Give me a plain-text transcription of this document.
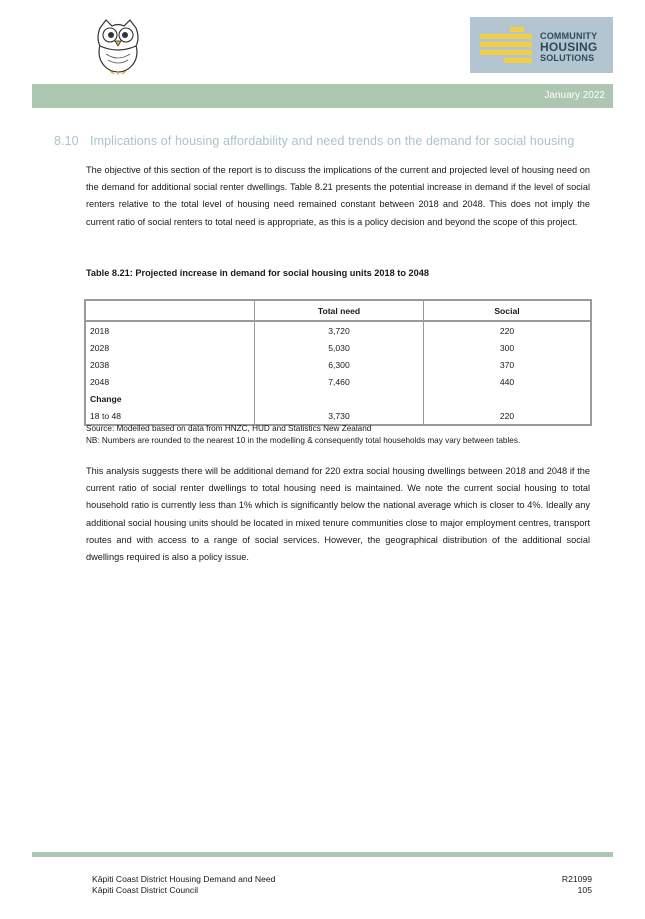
COMMUNITY
HOUSING
SOLUTIONS
January 2022
8.10 Implications of housing affordability and need trends on the demand for social housing
The objective of this section of the report is to discuss the implications of the current and projected level of housing need on the demand for additional social renter dwellings. Table 8.21 presents the potential increase in demand if the level of social renters relative to the total level of housing need remained constant between 2018 and 2048. This does not imply the current ratio of social renters to total need is appropriate, as this is a policy decision and beyond the scope of this project.
Table 8.21: Projected increase in demand for social housing units 2018 to 2048
	Total need	Social
2018	3,720	220
2028	5,030	300
2038	6,300	370
2048	7,460	440
Change		
18 to 48	3,730	220
Source: Modelled based on data from HNZC, HUD and Statistics New Zealand
NB: Numbers are rounded to the nearest 10 in the modelling & consequently total households may vary between tables.
This analysis suggests there will be additional demand for 220 extra social housing dwellings between 2018 and 2048 if the current ratio of social renter dwellings to total housing need is maintained. We note the current social housing to total household ratio is currently less than 1% which is significantly below the national average which is closer to 4%. Ideally any additional social housing units should be located in mixed tenure communities close to major employment centres, transport routes and with access to a range of social services. However, the geographical distribution of the additional social dwellings required is also a policy issue.
Kāpiti Coast District Housing Demand and Need
Kāpiti Coast District Council
R21099
105
